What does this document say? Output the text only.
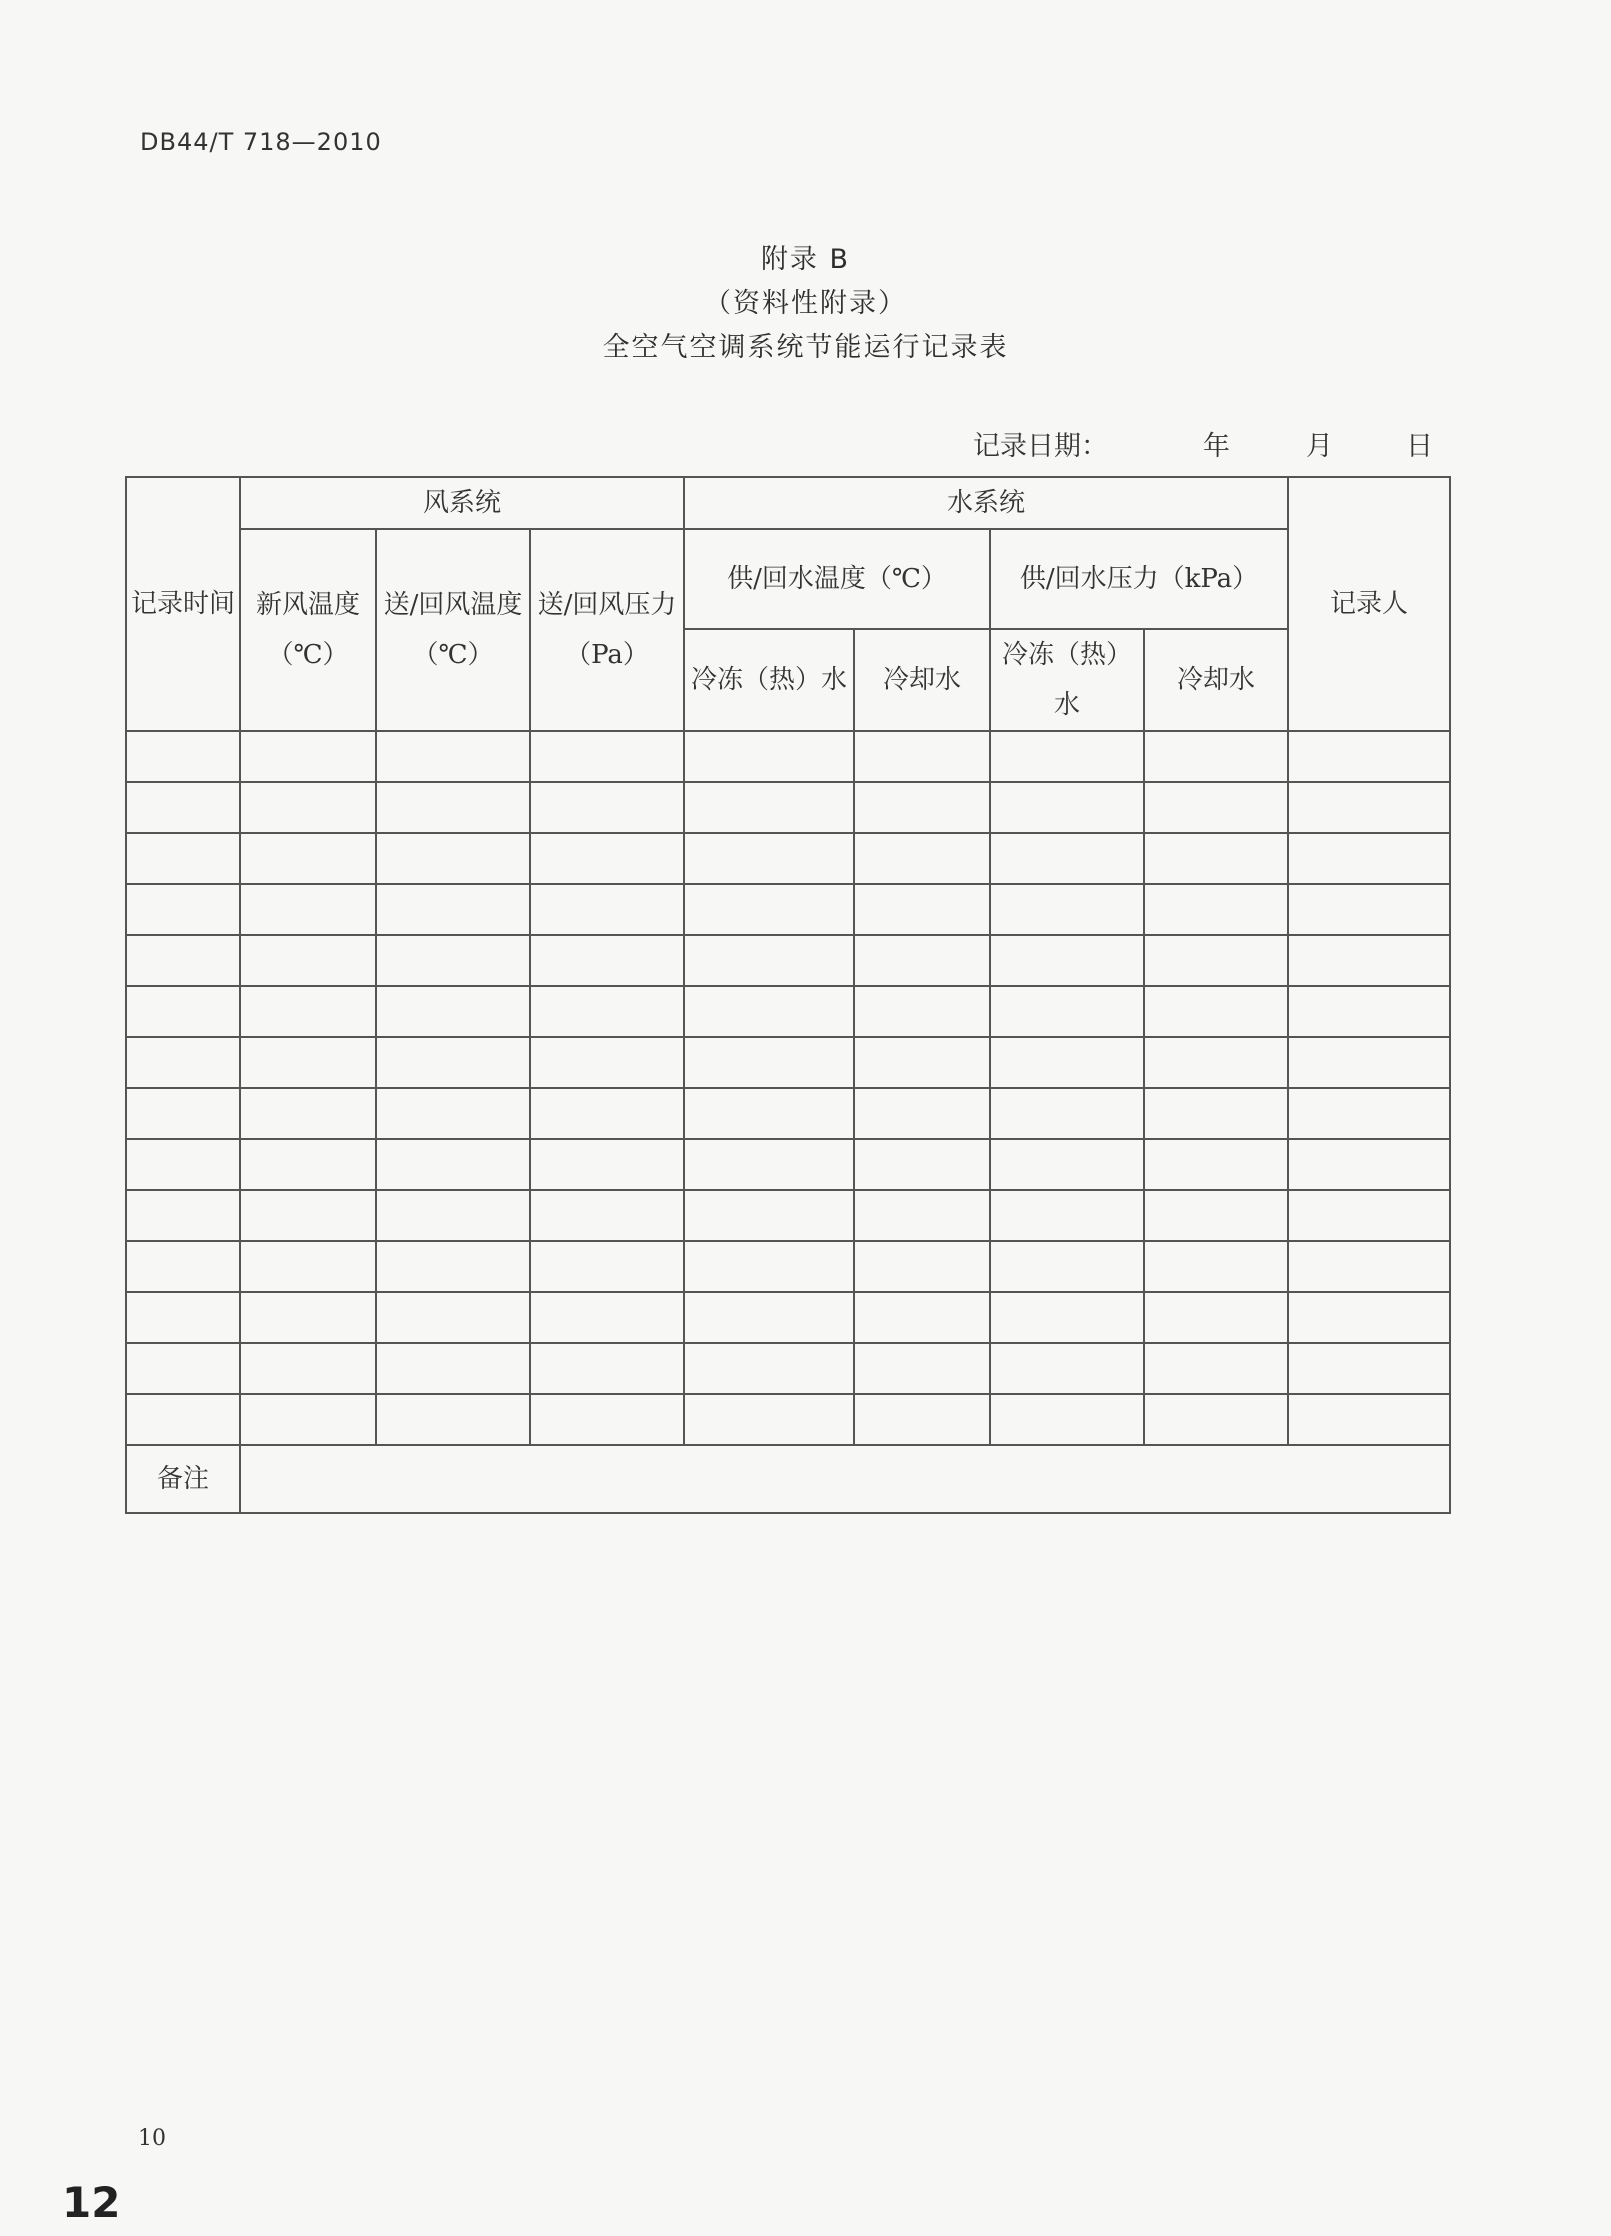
DB44/T 718—2010
附录 B
（资料性附录）
全空气空调系统节能运行记录表
记录日期：	年	月	日
记录时间	风系统			水系统				记录人
	新风温度（℃）	送/回风温度（℃）	送/回风压力（Pa）	供/回水温度（℃）		供/回水压力（kPa）		
				冷冻（热）水	冷却水	冷冻（热）水	冷却水	

备注								
10
12
